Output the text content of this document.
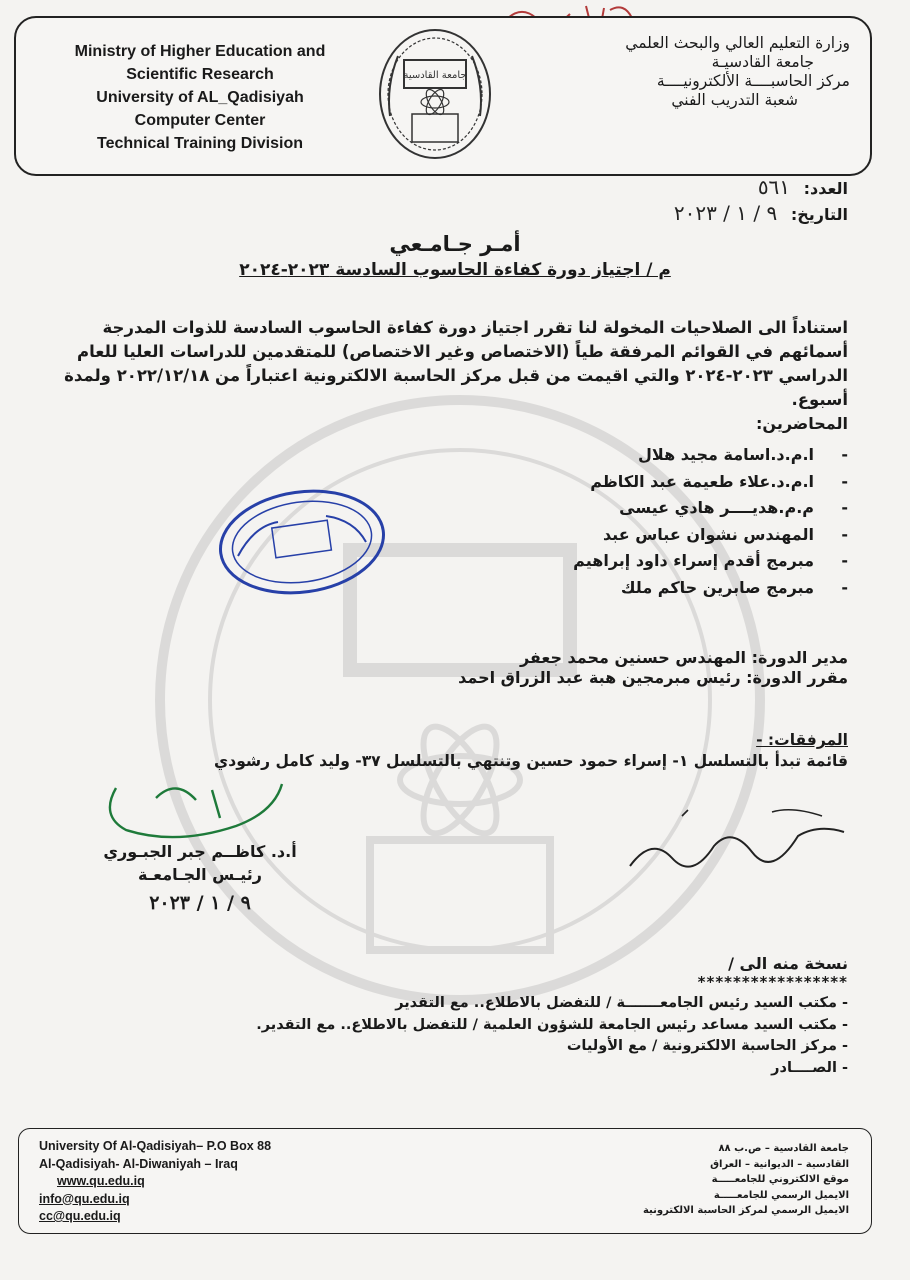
Ministry of Higher Education and
Scientific Research
University of AL_Qadisiyah
Computer Center
Technical Training Division
جامعة القادسية
وزارة التعليم العالي والبحث العلمي
جامعة القادسيـة
مركز الحاسبــــة الألكترونيــــة
شعبة التدريب الفني
العدد: ٥٦١
التاريخ: ٩ / ١ / ٢٠٢٣
أمـر جـامـعي
م / اجتياز دورة كفاءة الحاسوب السادسة ٢٠٢٣-٢٠٢٤
استناداً الى الصلاحيات المخولة لنا تقرر اجتياز دورة كفاءة الحاسوب السادسة للذوات المدرجة أسمائهم في القوائم المرفقة طياً (الاختصاص وغير الاختصاص) للمتقدمين للدراسات العليا للعام الدراسي ٢٠٢٣-٢٠٢٤ والتي اقيمت من قبل مركز الحاسبة الالكترونية اعتباراً من ٢٠٢٢/١٢/١٨ ولمدة أسبوع.
المحاضرين:
-ا.م.د.اسامة مجيد هلال
-ا.م.د.علاء طعيمة عبد الكاظم
-م.م.هديــــر هادي عيسى
-المهندس نشوان عباس عبد
-مبرمج أقدم إسراء داود إبراهيم
-مبرمج صابرين حاكم ملك
مدير الدورة: المهندس حسنين محمد جعفر
مقرر الدورة: رئيس مبرمجين هبة عبد الزراق احمد
المرفقات: -
قائمة تبدأ بالتسلسل ١- إسراء حمود حسين وتنتهي بالتسلسل ٣٧- وليد كامل رشودي
أ.د. كاظــم جبر الجبـوري
رئيـس الجـامعـة
٩ / ١ / ٢٠٢٣
نسخة منه الى /
*****************
- مكتب السيد رئيس الجامعـــــــة / للتفضل بالاطلاع.. مع التقدير
- مكتب السيد مساعد رئيس الجامعة للشؤون العلمية / للتفضل بالاطلاع.. مع التقدير.
- مركز الحاسبة الالكترونية / مع الأوليات
- الصــــادر
University Of Al-Qadisiyah– P.O Box 88
Al-Qadisiyah- Al-Diwaniyah – Iraq
www.qu.edu.iq
info@qu.edu.iq
cc@qu.edu.iq
جامعة القادسية – ص.ب ٨٨
القادسية – الديوانية – العراق
موقع الالكتروني للجامعـــــة
الايميل الرسمي للجامعـــــة
الايميل الرسمي لمركز الحاسبة الالكترونية
